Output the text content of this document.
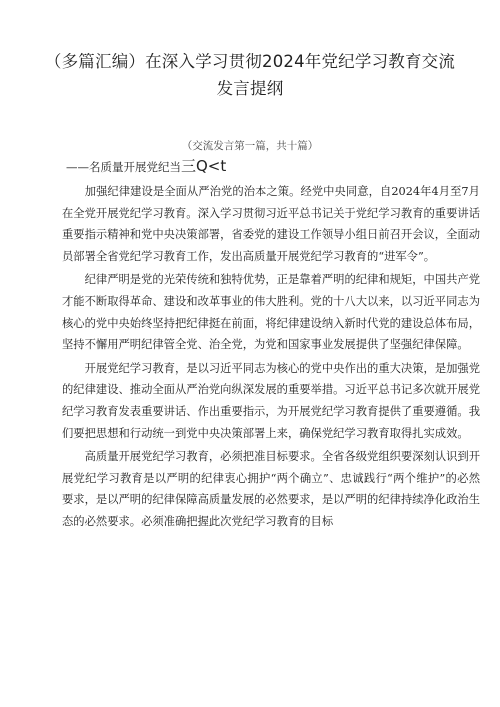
（多篇汇编）在深入学习贯彻2024年党纪学习教育交流发言提纲
（交流发言第一篇，共十篇）
——名质量开展党纪当三Q<t

　　加强纪律建设是全面从严治党的治本之策。经党中央同意，自2024年4月至7月在全党开展党纪学习教育。深入学习贯彻习近平总书记关于党纪学习教育的重要讲话重要指示精神和党中央决策部署，省委党的建设工作领导小组日前召开会议，全面动员部署全省党纪学习教育工作，发出高质量开展党纪学习教育的“进军令”。

　　纪律严明是党的光荣传统和独特优势，正是靠着严明的纪律和规矩，中国共产党才能不断取得革命、建设和改革事业的伟大胜利。党的十八大以来，以习近平同志为核心的党中央始终坚持把纪律挺在前面，将纪律建设纳入新时代党的建设总体布局，坚持不懈用严明纪律管全党、治全党，为党和国家事业发展提供了坚强纪律保障。

　　开展党纪学习教育，是以习近平同志为核心的党中央作出的重大决策，是加强党的纪律建设、推动全面从严治党向纵深发展的重要举措。习近平总书记多次就开展党纪学习教育发表重要讲话、作出重要指示，为开展党纪学习教育提供了重要遵循。我们要把思想和行动统一到党中央决策部署上来，确保党纪学习教育取得扎实成效。

　　高质量开展党纪学习教育，必须把准目标要求。全省各级党组织要深刻认识到开展党纪学习教育是以严明的纪律衷心拥护“两个确立”、忠诚践行“两个维护”的必然要求，是以严明的纪律保障高质量发展的必然要求，是以严明的纪律持续净化政治生态的必然要求。必须准确把握此次党纪学习教育的目标
